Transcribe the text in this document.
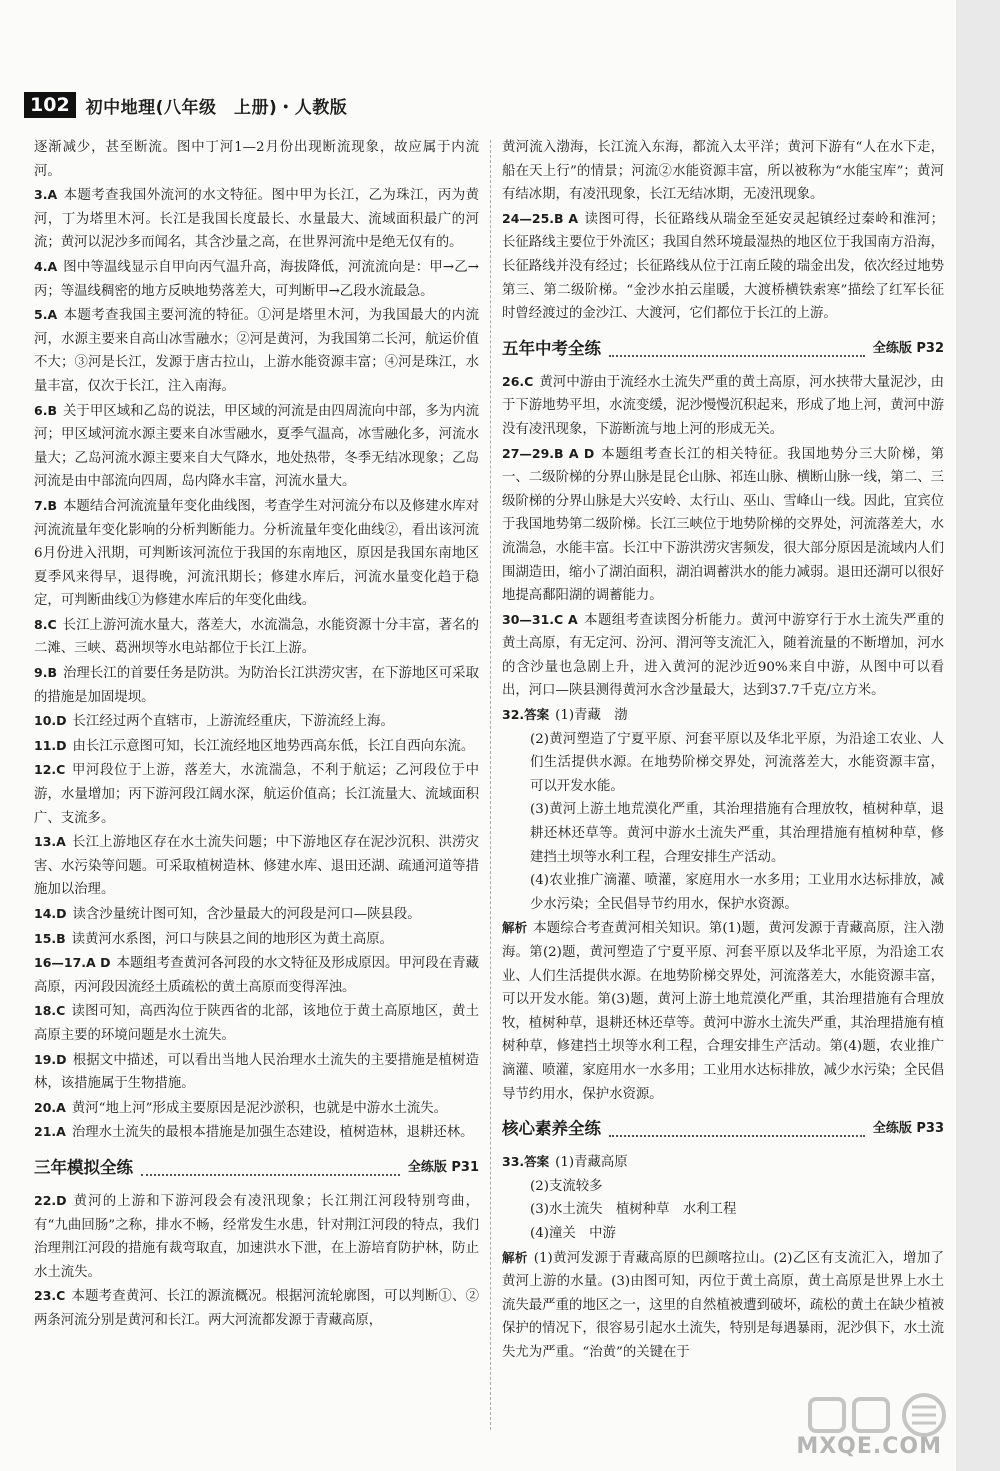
102 初中地理(八年级　上册)・人教版

逐渐减少，甚至断流。图中丁河1—2月份出现断流现象，故应属于内流河。

3.A 本题考查我国外流河的水文特征。图中甲为长江，乙为珠江，丙为黄河，丁为塔里木河。长江是我国长度最长、水量最大、流域面积最广的河流；黄河以泥沙多而闻名，其含沙量之高，在世界河流中是绝无仅有的。

4.A 图中等温线显示自甲向丙气温升高，海拔降低，河流流向是：甲→乙→丙；等温线稠密的地方反映地势落差大，可判断甲→乙段水流最急。

5.A 本题考查我国主要河流的特征。①河是塔里木河，为我国最大的内流河，水源主要来自高山冰雪融水；②河是黄河，为我国第二长河，航运价值不大；③河是长江，发源于唐古拉山，上游水能资源丰富；④河是珠江，水量丰富，仅次于长江，注入南海。

6.B 关于甲区域和乙岛的说法，甲区域的河流是由四周流向中部，多为内流河；甲区域河流水源主要来自冰雪融水，夏季气温高，冰雪融化多，河流水量大；乙岛河流水源主要来自大气降水，地处热带，冬季无结冰现象；乙岛河流是由中部流向四周，岛内降水丰富，河流水量大。

7.B 本题结合河流流量年变化曲线图，考查学生对河流分布以及修建水库对河流流量年变化影响的分析判断能力。分析流量年变化曲线②，看出该河流6月份进入汛期，可判断该河流位于我国的东南地区，原因是我国东南地区夏季风来得早，退得晚，河流汛期长；修建水库后，河流水量变化趋于稳定，可判断曲线①为修建水库后的年变化曲线。

8.C 长江上游河流水量大，落差大，水流湍急，水能资源十分丰富，著名的二滩、三峡、葛洲坝等水电站都位于长江上游。

9.B 治理长江的首要任务是防洪。为防治长江洪涝灾害，在下游地区可采取的措施是加固堤坝。

10.D 长江经过两个直辖市，上游流经重庆，下游流经上海。

11.D 由长江示意图可知，长江流经地区地势西高东低，长江自西向东流。

12.C 甲河段位于上游，落差大，水流湍急，不利于航运；乙河段位于中游，水量增加；丙下游河段江阔水深，航运价值高；长江流量大、流域面积广、支流多。

13.A 长江上游地区存在水土流失问题；中下游地区存在泥沙沉积、洪涝灾害、水污染等问题。可采取植树造林、修建水库、退田还湖、疏通河道等措施加以治理。

14.D 读含沙量统计图可知，含沙量最大的河段是河口—陕县段。

15.B 读黄河水系图，河口与陕县之间的地形区为黄土高原。

16—17.A D 本题组考查黄河各河段的水文特征及形成原因。甲河段在青藏高原，丙河段因流经土质疏松的黄土高原而变得浑浊。

18.C 读图可知，高西沟位于陕西省的北部，该地位于黄土高原地区，黄土高原主要的环境问题是水土流失。

19.D 根据文中描述，可以看出当地人民治理水土流失的主要措施是植树造林，该措施属于生物措施。

20.A 黄河“地上河”形成主要原因是泥沙淤积，也就是中游水土流失。

21.A 治理水土流失的最根本措施是加强生态建设，植树造林，退耕还林。

三年模拟全练	全练版 P31

22.D 黄河的上游和下游河段会有凌汛现象；长江荆江河段特别弯曲，有“九曲回肠”之称，排水不畅，经常发生水患，针对荆江河段的特点，我们治理荆江河段的措施有裁弯取直，加速洪水下泄，在上游培育防护林，防止水土流失。

23.C 本题考查黄河、长江的源流概况。根据河流轮廓图，可以判断①、②两条河流分别是黄河和长江。两大河流都发源于青藏高原，

黄河流入渤海，长江流入东海，都流入太平洋；黄河下游有“人在水下走，船在天上行”的情景；河流②水能资源丰富，所以被称为“水能宝库”；黄河有结冰期，有凌汛现象，长江无结冰期，无凌汛现象。

24—25.B A 读图可得，长征路线从瑞金至延安灵起镇经过秦岭和淮河；长征路线主要位于外流区；我国自然环境最湿热的地区位于我国南方沿海，长征路线并没有经过；长征路线从位于江南丘陵的瑞金出发，依次经过地势第三、第二级阶梯。“金沙水拍云崖暖，大渡桥横铁索寒”描绘了红军长征时曾经渡过的金沙江、大渡河，它们都位于长江的上游。

五年中考全练	全练版 P32

26.C 黄河中游由于流经水土流失严重的黄土高原，河水挟带大量泥沙，由于下游地势平坦，水流变缓，泥沙慢慢沉积起来，形成了地上河，黄河中游没有凌汛现象，下游断流与地上河的形成无关。

27—29.B A D 本题组考查长江的相关特征。我国地势分三大阶梯，第一、二级阶梯的分界山脉是昆仑山脉、祁连山脉、横断山脉一线，第二、三级阶梯的分界山脉是大兴安岭、太行山、巫山、雪峰山一线。因此，宜宾位于我国地势第二级阶梯。长江三峡位于地势阶梯的交界处，河流落差大，水流湍急，水能丰富。长江中下游洪涝灾害频发，很大部分原因是流域内人们围湖造田，缩小了湖泊面积，湖泊调蓄洪水的能力减弱。退田还湖可以很好地提高鄱阳湖的调蓄能力。

30—31.C A 本题组考查读图分析能力。黄河中游穿行于水土流失严重的黄土高原，有无定河、汾河、渭河等支流汇入，随着流量的不断增加，河水的含沙量也急剧上升，进入黄河的泥沙近90%来自中游，从图中可以看出，河口—陕县测得黄河水含沙量最大，达到37.7千克/立方米。

32.答案 (1)青藏　渤

(2)黄河塑造了宁夏平原、河套平原以及华北平原，为沿途工农业、人们生活提供水源。在地势阶梯交界处，河流落差大，水能资源丰富，可以开发水能。

(3)黄河上游土地荒漠化严重，其治理措施有合理放牧，植树种草，退耕还林还草等。黄河中游水土流失严重，其治理措施有植树种草，修建挡土坝等水利工程，合理安排生产活动。

(4)农业推广滴灌、喷灌，家庭用水一水多用；工业用水达标排放，减少水污染；全民倡导节约用水，保护水资源。

解析 本题综合考查黄河相关知识。第(1)题，黄河发源于青藏高原，注入渤海。第(2)题，黄河塑造了宁夏平原、河套平原以及华北平原，为沿途工农业、人们生活提供水源。在地势阶梯交界处，河流落差大，水能资源丰富，可以开发水能。第(3)题，黄河上游土地荒漠化严重，其治理措施有合理放牧，植树种草，退耕还林还草等。黄河中游水土流失严重，其治理措施有植树种草，修建挡土坝等水利工程，合理安排生产活动。第(4)题，农业推广滴灌、喷灌，家庭用水一水多用；工业用水达标排放，减少水污染；全民倡导节约用水，保护水资源。

核心素养全练	全练版 P33

33.答案 (1)青藏高原

(2)支流较多

(3)水土流失　植树种草　水利工程

(4)潼关　中游

解析 (1)黄河发源于青藏高原的巴颜喀拉山。(2)乙区有支流汇入，增加了黄河上游的水量。(3)由图可知，丙位于黄土高原，黄土高原是世界上水土流失最严重的地区之一，这里的自然植被遭到破坏，疏松的黄土在缺少植被保护的情况下，很容易引起水土流失，特别是每遇暴雨，泥沙俱下，水土流失尤为严重。“治黄”的关键在于

MXQE.COM
